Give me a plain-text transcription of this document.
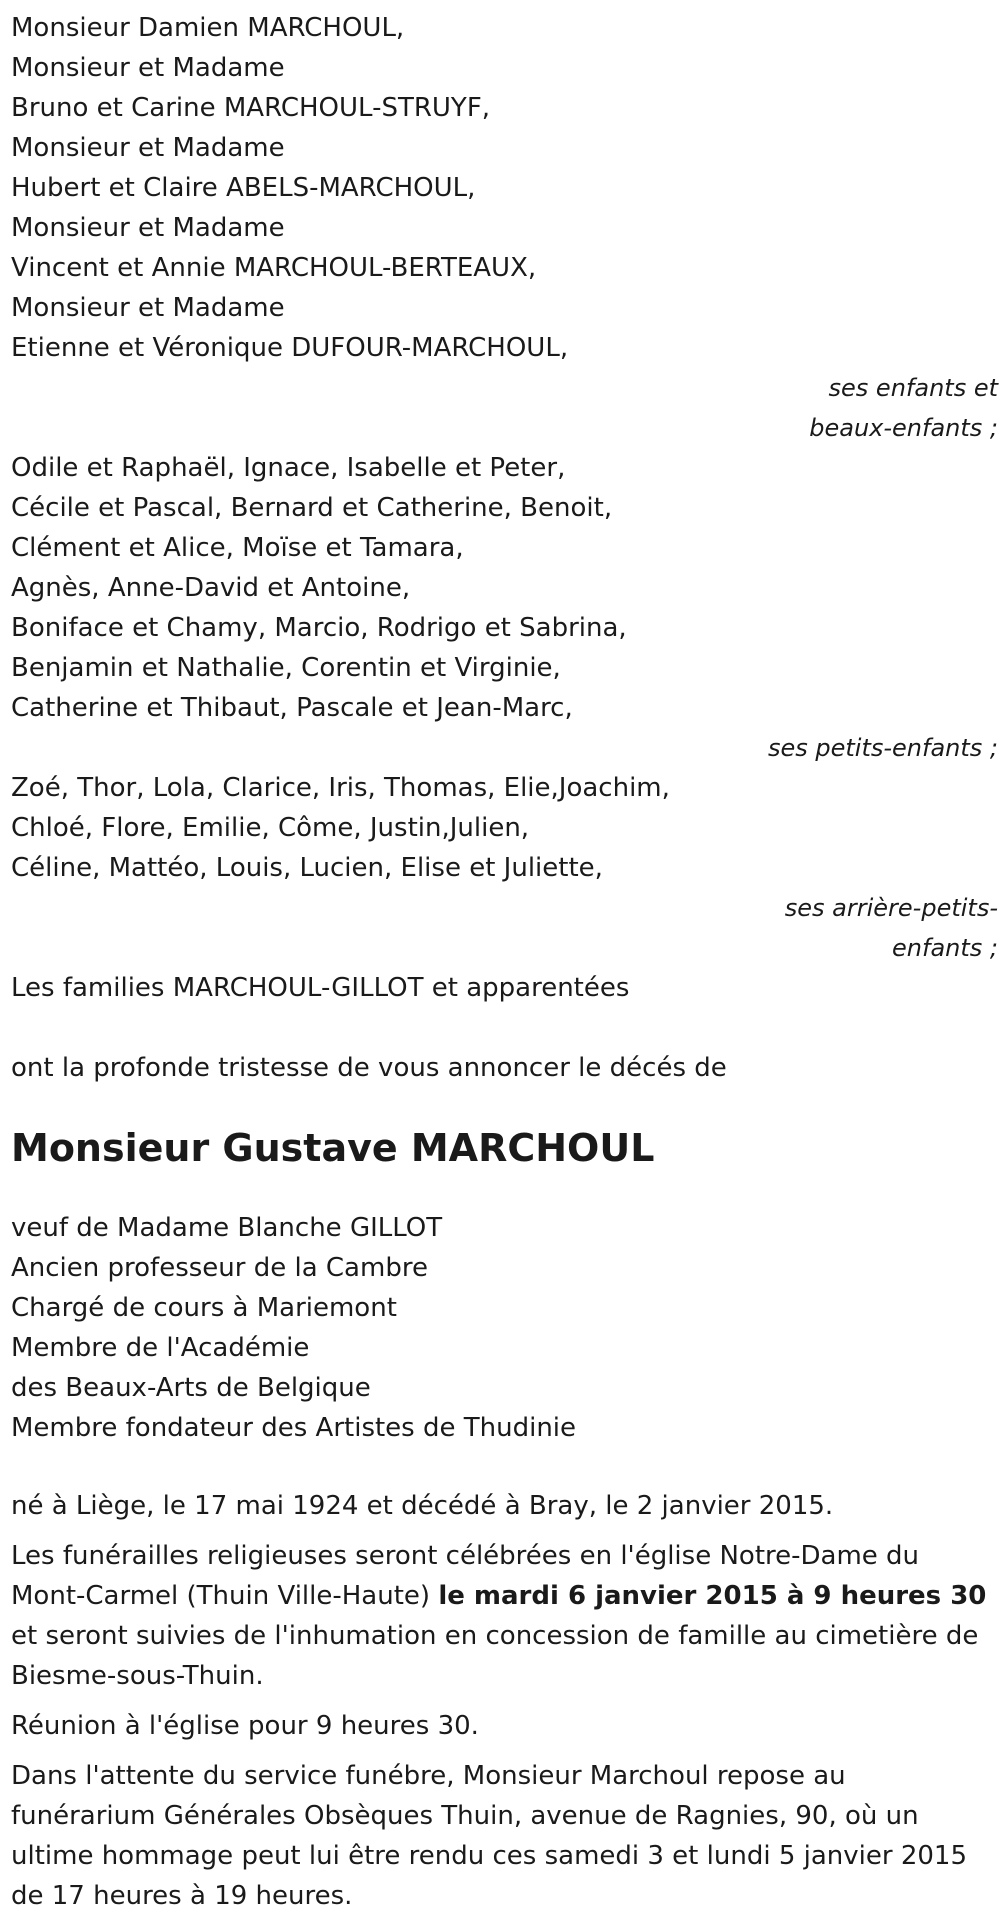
Monsieur Damien MARCHOUL,

Monsieur et Madame

Bruno et Carine MARCHOUL-STRUYF,

Monsieur et Madame

Hubert et Claire ABELS-MARCHOUL,

Monsieur et Madame

Vincent et Annie MARCHOUL-BERTEAUX,

Monsieur et Madame

Etienne et Véronique DUFOUR-MARCHOUL,

ses enfants et

beaux-enfants ;

Odile et Raphaël, Ignace, Isabelle et Peter,

Cécile et Pascal, Bernard et Catherine, Benoit,

Clément et Alice, Moïse et Tamara,

Agnès, Anne-David et Antoine,

Boniface et Chamy, Marcio, Rodrigo et Sabrina,

Benjamin et Nathalie, Corentin et Virginie,

Catherine et Thibaut, Pascale et Jean-Marc,

ses petits-enfants ;

Zoé, Thor, Lola, Clarice, Iris, Thomas, Elie,Joachim,

Chloé, Flore, Emilie, Côme, Justin,Julien,

Céline, Mattéo, Louis, Lucien, Elise et Juliette,

ses arrière-petits-

enfants ;

Les families MARCHOUL-GILLOT et apparentées

ont la profonde tristesse de vous annoncer le décés de

Monsieur Gustave MARCHOUL

veuf de Madame Blanche GILLOT

Ancien professeur de la Cambre

Chargé de cours à Mariemont

Membre de l'Académie

des Beaux-Arts de Belgique

Membre fondateur des Artistes de Thudinie

né à Liège, le 17 mai 1924 et décédé à Bray, le 2 janvier 2015.

Les funérailles religieuses seront célébrées en l'église Notre-Dame du Mont-Carmel (Thuin Ville-Haute) le mardi 6 janvier 2015 à 9 heures 30 et seront suivies de l'inhumation en concession de famille au cimetière de Biesme-sous-Thuin.

Réunion à l'église pour 9 heures 30.

Dans l'attente du service funébre, Monsieur Marchoul repose au funérarium Générales Obsèques Thuin, avenue de Ragnies, 90, où un ultime hommage peut lui être rendu ces samedi 3 et lundi 5 janvier 2015 de 17 heures à 19 heures.
